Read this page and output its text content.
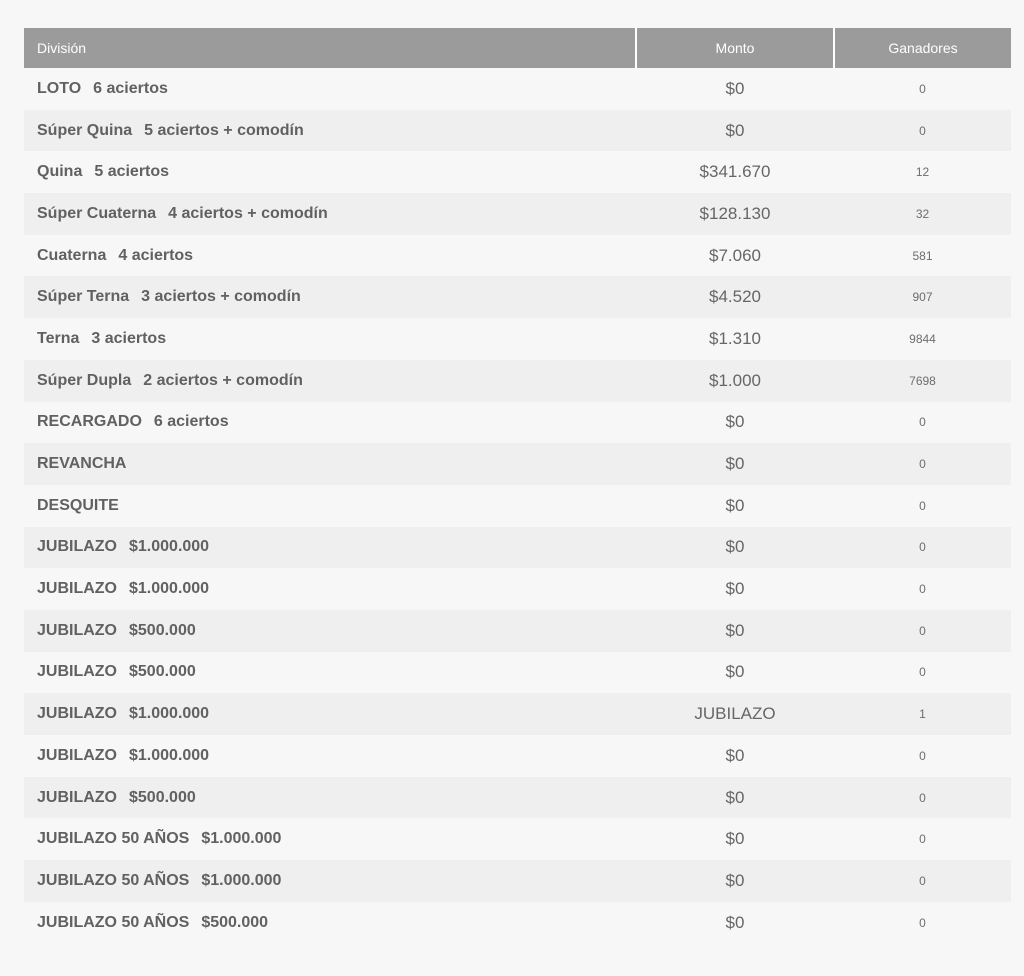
División	Monto	Ganadores
LOTO 6 aciertos	$0	0
Súper Quina 5 aciertos + comodín	$0	0
Quina 5 aciertos	$341.670	12
Súper Cuaterna 4 aciertos + comodín	$128.130	32
Cuaterna 4 aciertos	$7.060	581
Súper Terna 3 aciertos + comodín	$4.520	907
Terna 3 aciertos	$1.310	9844
Súper Dupla 2 aciertos + comodín	$1.000	7698
RECARGADO 6 aciertos	$0	0
REVANCHA	$0	0
DESQUITE	$0	0
JUBILAZO $1.000.000	$0	0
JUBILAZO $1.000.000	$0	0
JUBILAZO $500.000	$0	0
JUBILAZO $500.000	$0	0
JUBILAZO $1.000.000	JUBILAZO	1
JUBILAZO $1.000.000	$0	0
JUBILAZO $500.000	$0	0
JUBILAZO 50 AÑOS $1.000.000	$0	0
JUBILAZO 50 AÑOS $1.000.000	$0	0
JUBILAZO 50 AÑOS $500.000	$0	0
